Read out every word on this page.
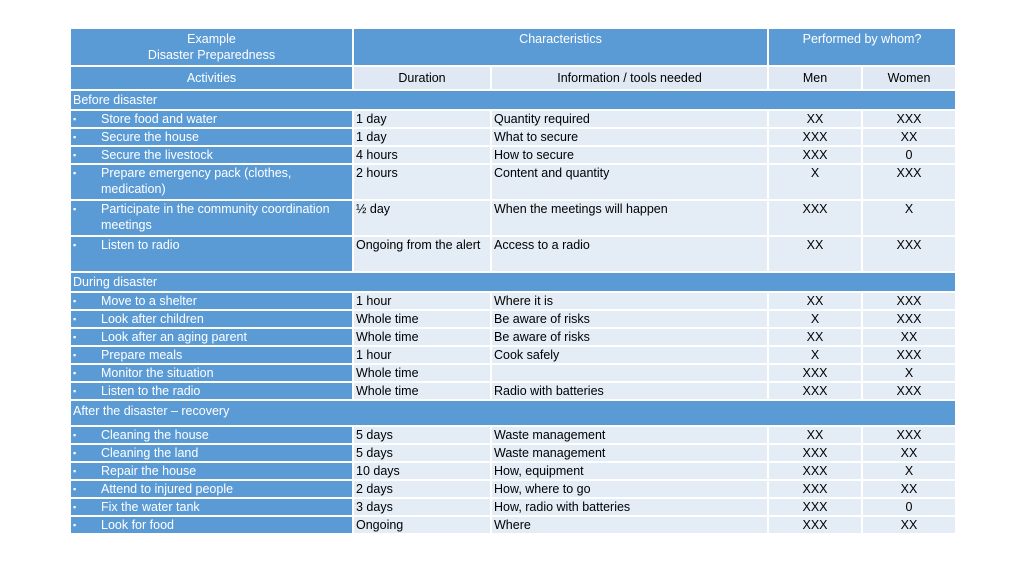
Example
Disaster Preparedness	Characteristics		Performed by whom?	
Activities	Duration	Information / tools needed	Men	Women
Before disaster				
▪ Store food and water	1 day	Quantity required	XX	XXX
▪ Secure the house	1 day	What to secure	XXX	XX
▪ Secure the livestock	4 hours	How to secure	XXX	0
▪ Prepare emergency pack (clothes, medication)	2 hours	Content and quantity	X	XXX
▪ Participate in the community coordination meetings	½ day	When the meetings will happen	XXX	X
▪ Listen to radio	Ongoing from the alert	Access to a radio	XX	XXX
During disaster				
▪ Move to a shelter	1 hour	Where it is	XX	XXX
▪ Look after children	Whole time	Be aware of risks	X	XXX
▪ Look after an aging parent	Whole time	Be aware of risks	XX	XX
▪ Prepare meals	1 hour	Cook safely	X	XXX
▪ Monitor the situation	Whole time		XXX	X
▪ Listen to the radio	Whole time	Radio with batteries	XXX	XXX
After the disaster – recovery				
▪ Cleaning the house	5 days	Waste management	XX	XXX
▪ Cleaning the land	5 days	Waste management	XXX	XX
▪ Repair the house	10 days	How, equipment	XXX	X
▪ Attend to injured people	2 days	How, where to go	XXX	XX
▪ Fix the water tank	3 days	How, radio with batteries	XXX	0
▪ Look for food	Ongoing	Where	XXX	XX
